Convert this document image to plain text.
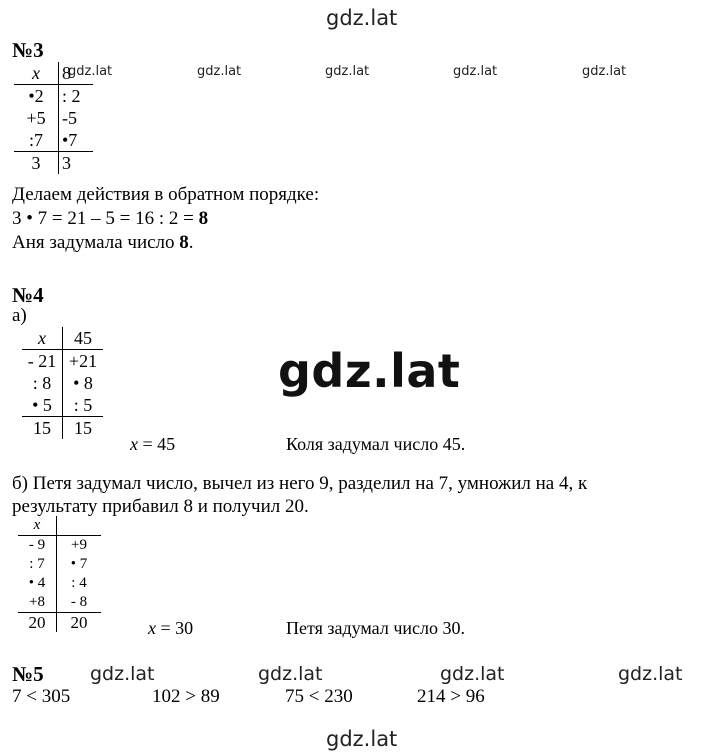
gdz.lat
gdz.lat	gdz.lat	gdz.lat	gdz.lat	gdz.lat
gdz.lat
gdz.lat	gdz.lat	gdz.lat	gdz.lat
gdz.lat
№3
x	8
•2	: 2
+5	-5
:7	•7
3	3
Делаем действия в обратном порядке:
3 • 7 = 21 – 5 = 16 : 2 = 8
Аня задумала число 8.
№4
а)
x	45
- 21	+21
: 8	• 8
• 5	: 5
15	15
x = 45	Коля задумал число 45.
б) Петя задумал число, вычел из него 9, разделил на 7, умножил на 4, к
результату прибавил 8 и получил 20.
x	
- 9	+9
: 7	• 7
• 4	: 4
+8	- 8
20	20	x = 30	Петя задумал число 30.
№5
7 < 305	102 > 89	75 < 230	214 > 96
